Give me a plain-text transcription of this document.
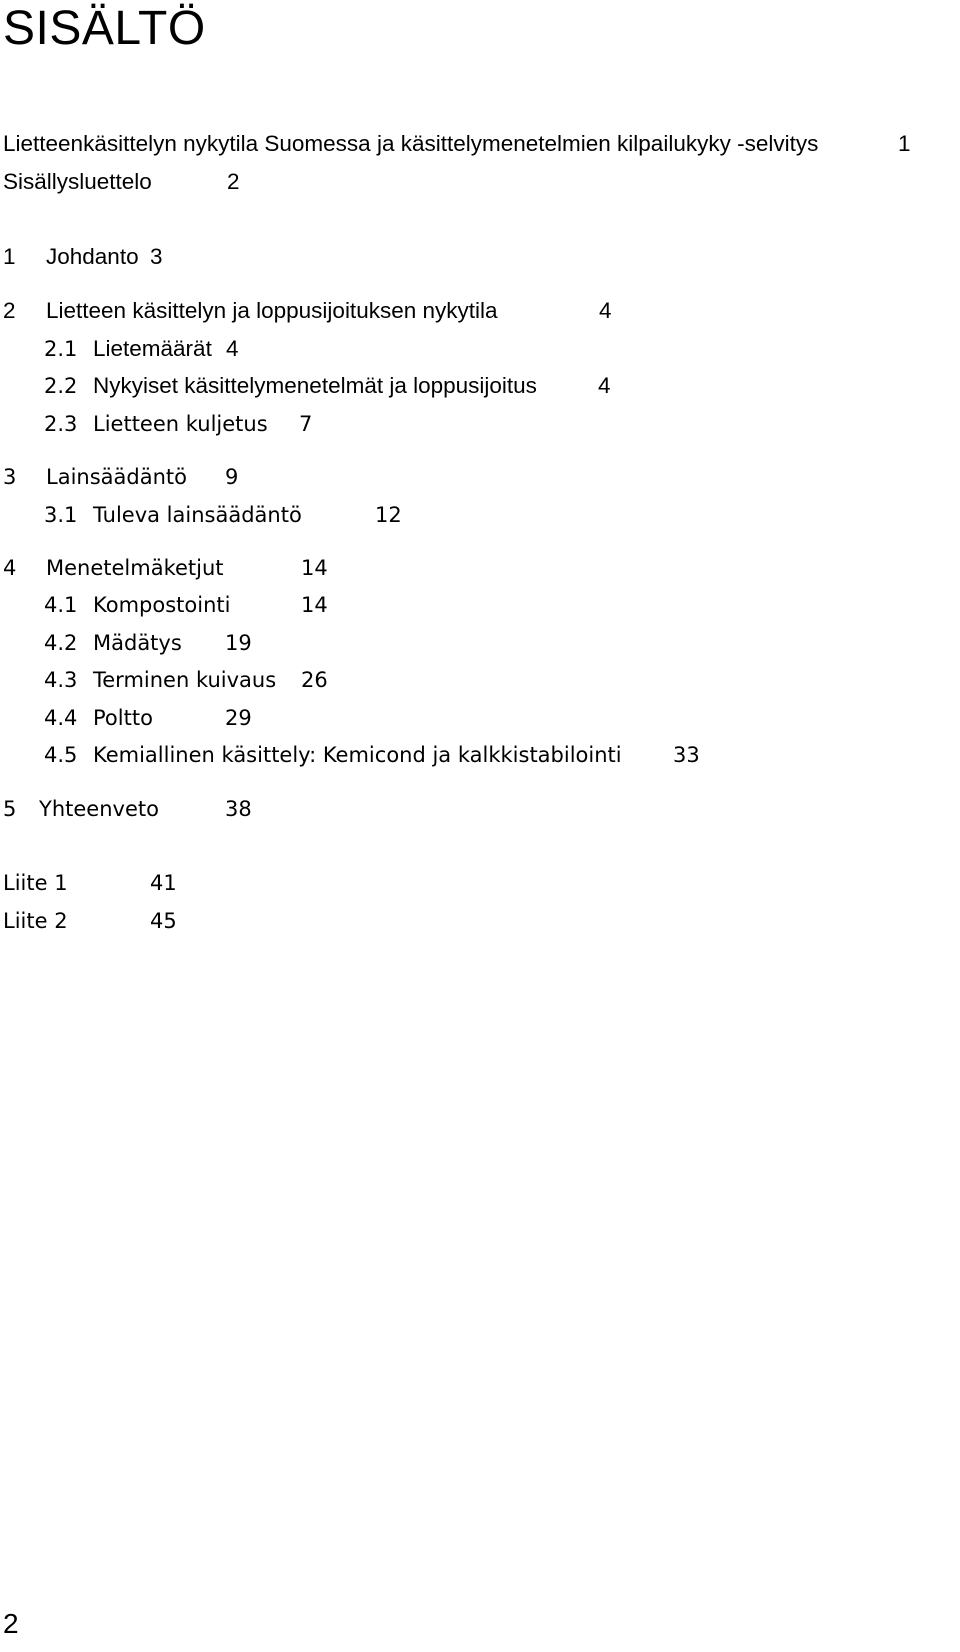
SISÄLTÖ
Lietteenkäsittelyn nykytila Suomessa ja käsittelymenetelmien kilpailukyky -selvitys	1
Sisällysluettelo	2
1 Johdanto 3
2 Lietteen käsittelyn ja loppusijoituksen nykytila	4
2.1 Lietemäärät 4
2.2 Nykyiset käsittelymenetelmät ja loppusijoitus	4
2.3 Lietteen kuljetus 7
3 Lainsäädäntö 9
3.1 Tuleva lainsäädäntö	12
4 Menetelmäketjut	14
4.1 Kompostointi	14
4.2 Mädätys 19
4.3 Terminen kuivaus 26
4.4 Poltto	29
4.5 Kemiallinen käsittely: Kemicond ja kalkkistabilointi 33
5 Yhteenveto	38
Liite 1	41
Liite 2	45
2
